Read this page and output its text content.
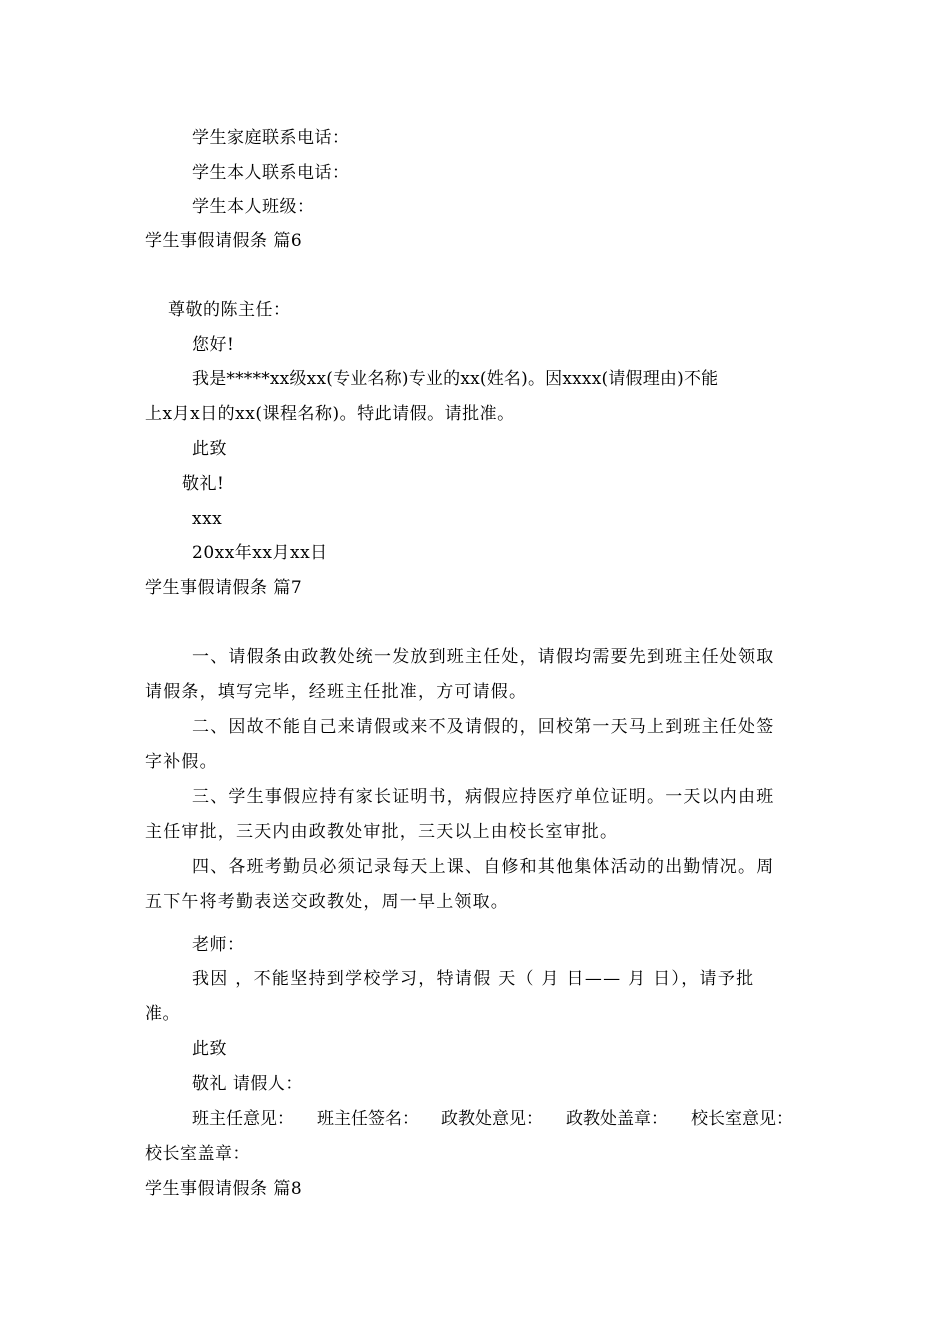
学生家庭联系电话：
学生本人联系电话：
学生本人班级：
学生事假请假条 篇6
尊敬的陈主任：
您好!
我是*****xx级xx(专业名称)专业的xx(姓名)。因xxxx(请假理由)不能
上x月x日的xx(课程名称)。特此请假。请批准。
此致
敬礼!
xxx
20xx年xx月xx日
学生事假请假条 篇7
一、请假条由政教处统一发放到班主任处，请假均需要先到班主任处领取
请假条，填写完毕，经班主任批准，方可请假。
二、因故不能自己来请假或来不及请假的，回校第一天马上到班主任处签
字补假。
三、学生事假应持有家长证明书，病假应持医疗单位证明。一天以内由班
主任审批，三天内由政教处审批，三天以上由校长室审批。
四、各班考勤员必须记录每天上课、自修和其他集体活动的出勤情况。周
五下午将考勤表送交政教处，周一早上领取。
老师：
我因 ，不能坚持到学校学习，特请假 天（ 月 日—— 月 日），请予批
准。
此致
敬礼 请假人：
班主任意见： 班主任签名： 政教处意见： 政教处盖章： 校长室意见：
校长室盖章：
学生事假请假条 篇8
